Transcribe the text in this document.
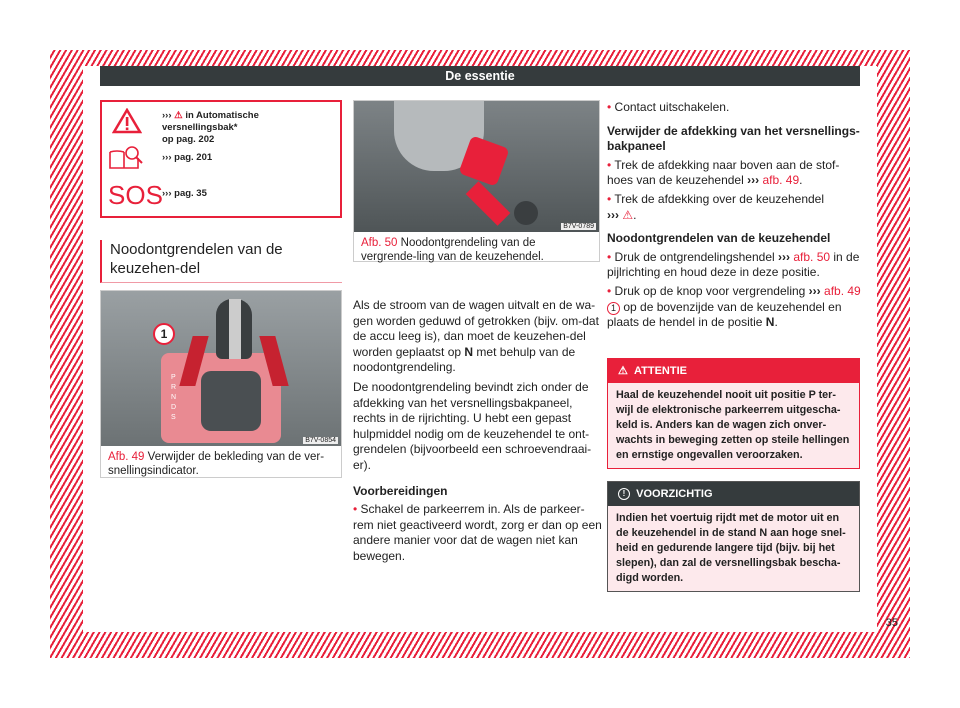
De essentie
SOS
››› ⚠ in Automatische versnellingsbak*
op pag. 202
››› pag. 201
››› pag. 35
Noodontgrendelen van de keuzehen-del
1
P
R
N
D
S
B7V-0854
Afb. 49 Verwijder de bekleding van de ver-snellingsindicator.
B7V-0789
Afb. 50 Noodontgrendeling van de vergrende-ling van de keuzehendel.

Als de stroom van de wagen uitvalt en de wa-gen worden geduwd of getrokken (bijv. om-dat de accu leeg is), dan moet de keuzehen-del worden geplaatst op N met behulp van de noodontgrendeling.

De noodontgrendeling bevindt zich onder de afdekking van het versnellingsbakpaneel, rechts in de rijrichting. U hebt een gepast hulpmiddel nodig om de keuzehendel te ont-grendelen (bijvoorbeeld een schroevendraai-er).

Voorbereidingen

• Schakel de parkeerrem in. Als de parkeer-rem niet geactiveerd wordt, zorg er dan op een andere manier voor dat de wagen niet kan bewegen.

• Contact uitschakelen.

Verwijder de afdekking van het versnellings-bakpaneel

• Trek de afdekking naar boven aan de stof-hoes van de keuzehendel ››› afb. 49.

• Trek de afdekking over de keuzehendel
››› ⚠.

Noodontgrendelen van de keuzehendel

• Druk de ontgrendelingshendel ››› afb. 50 in de pijlrichting en houd deze in deze positie.

• Druk op de knop voor vergrendeling ››› afb. 49 1 op de bovenzijde van de keuzehendel en plaats de hendel in de positie N.

⚠ ATTENTIE
Haal de keuzehendel nooit uit positie P ter-wijl de elektronische parkeerrem uitgescha-keld is. Anders kan de wagen zich onver-wachts in beweging zetten op steile hellingen en ernstige ongevallen veroorzaken.
! VOORZICHTIG
Indien het voertuig rijdt met de motor uit en de keuzehendel in de stand N aan hoge snel-heid en gedurende langere tijd (bijv. bij het slepen), dan zal de versnellingsbak bescha-digd worden.
35
